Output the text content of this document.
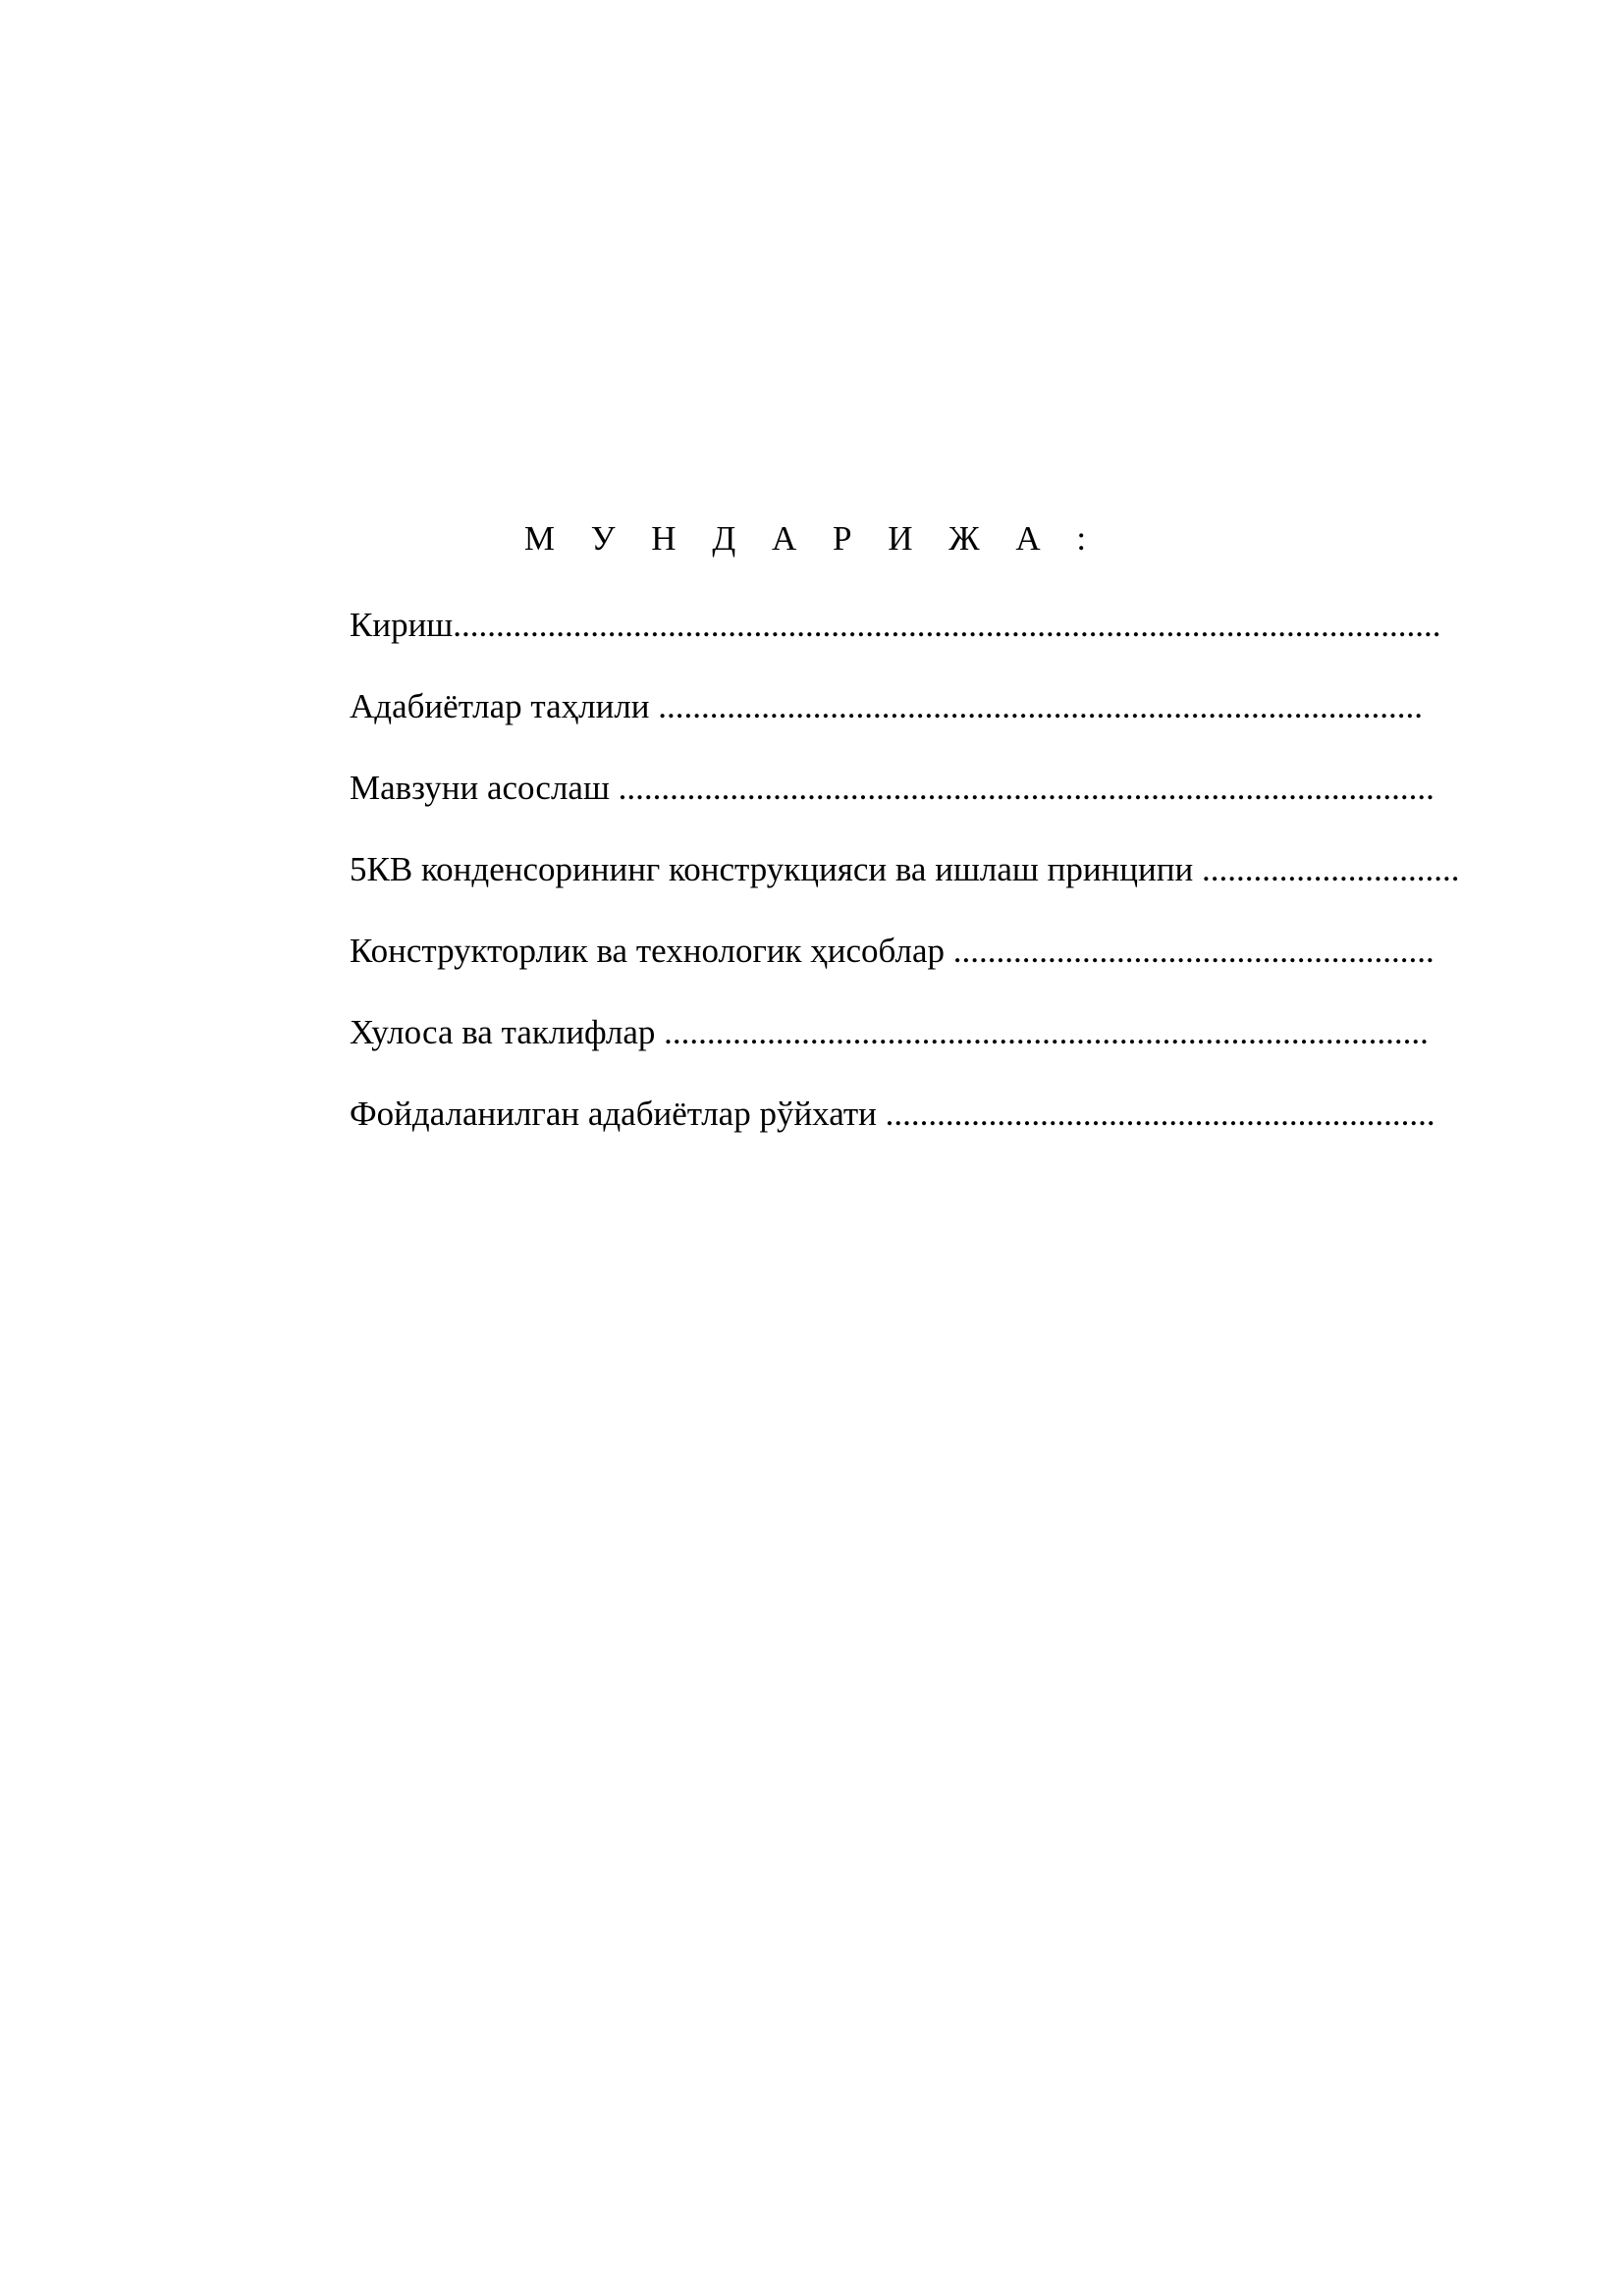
М У Н Д А Р И Ж А :
Кириш...................................................................................................................
Адабиётлар таҳлили .........................................................................................
Мавзуни асослаш ...............................................................................................
5КВ конденсорининг конструкцияси ва ишлаш принципи ..............................
Конструкторлик ва технологик ҳисоблар ........................................................
Хулоса ва таклифлар .........................................................................................
Фойдаланилган адабиётлар рўйхати ................................................................
